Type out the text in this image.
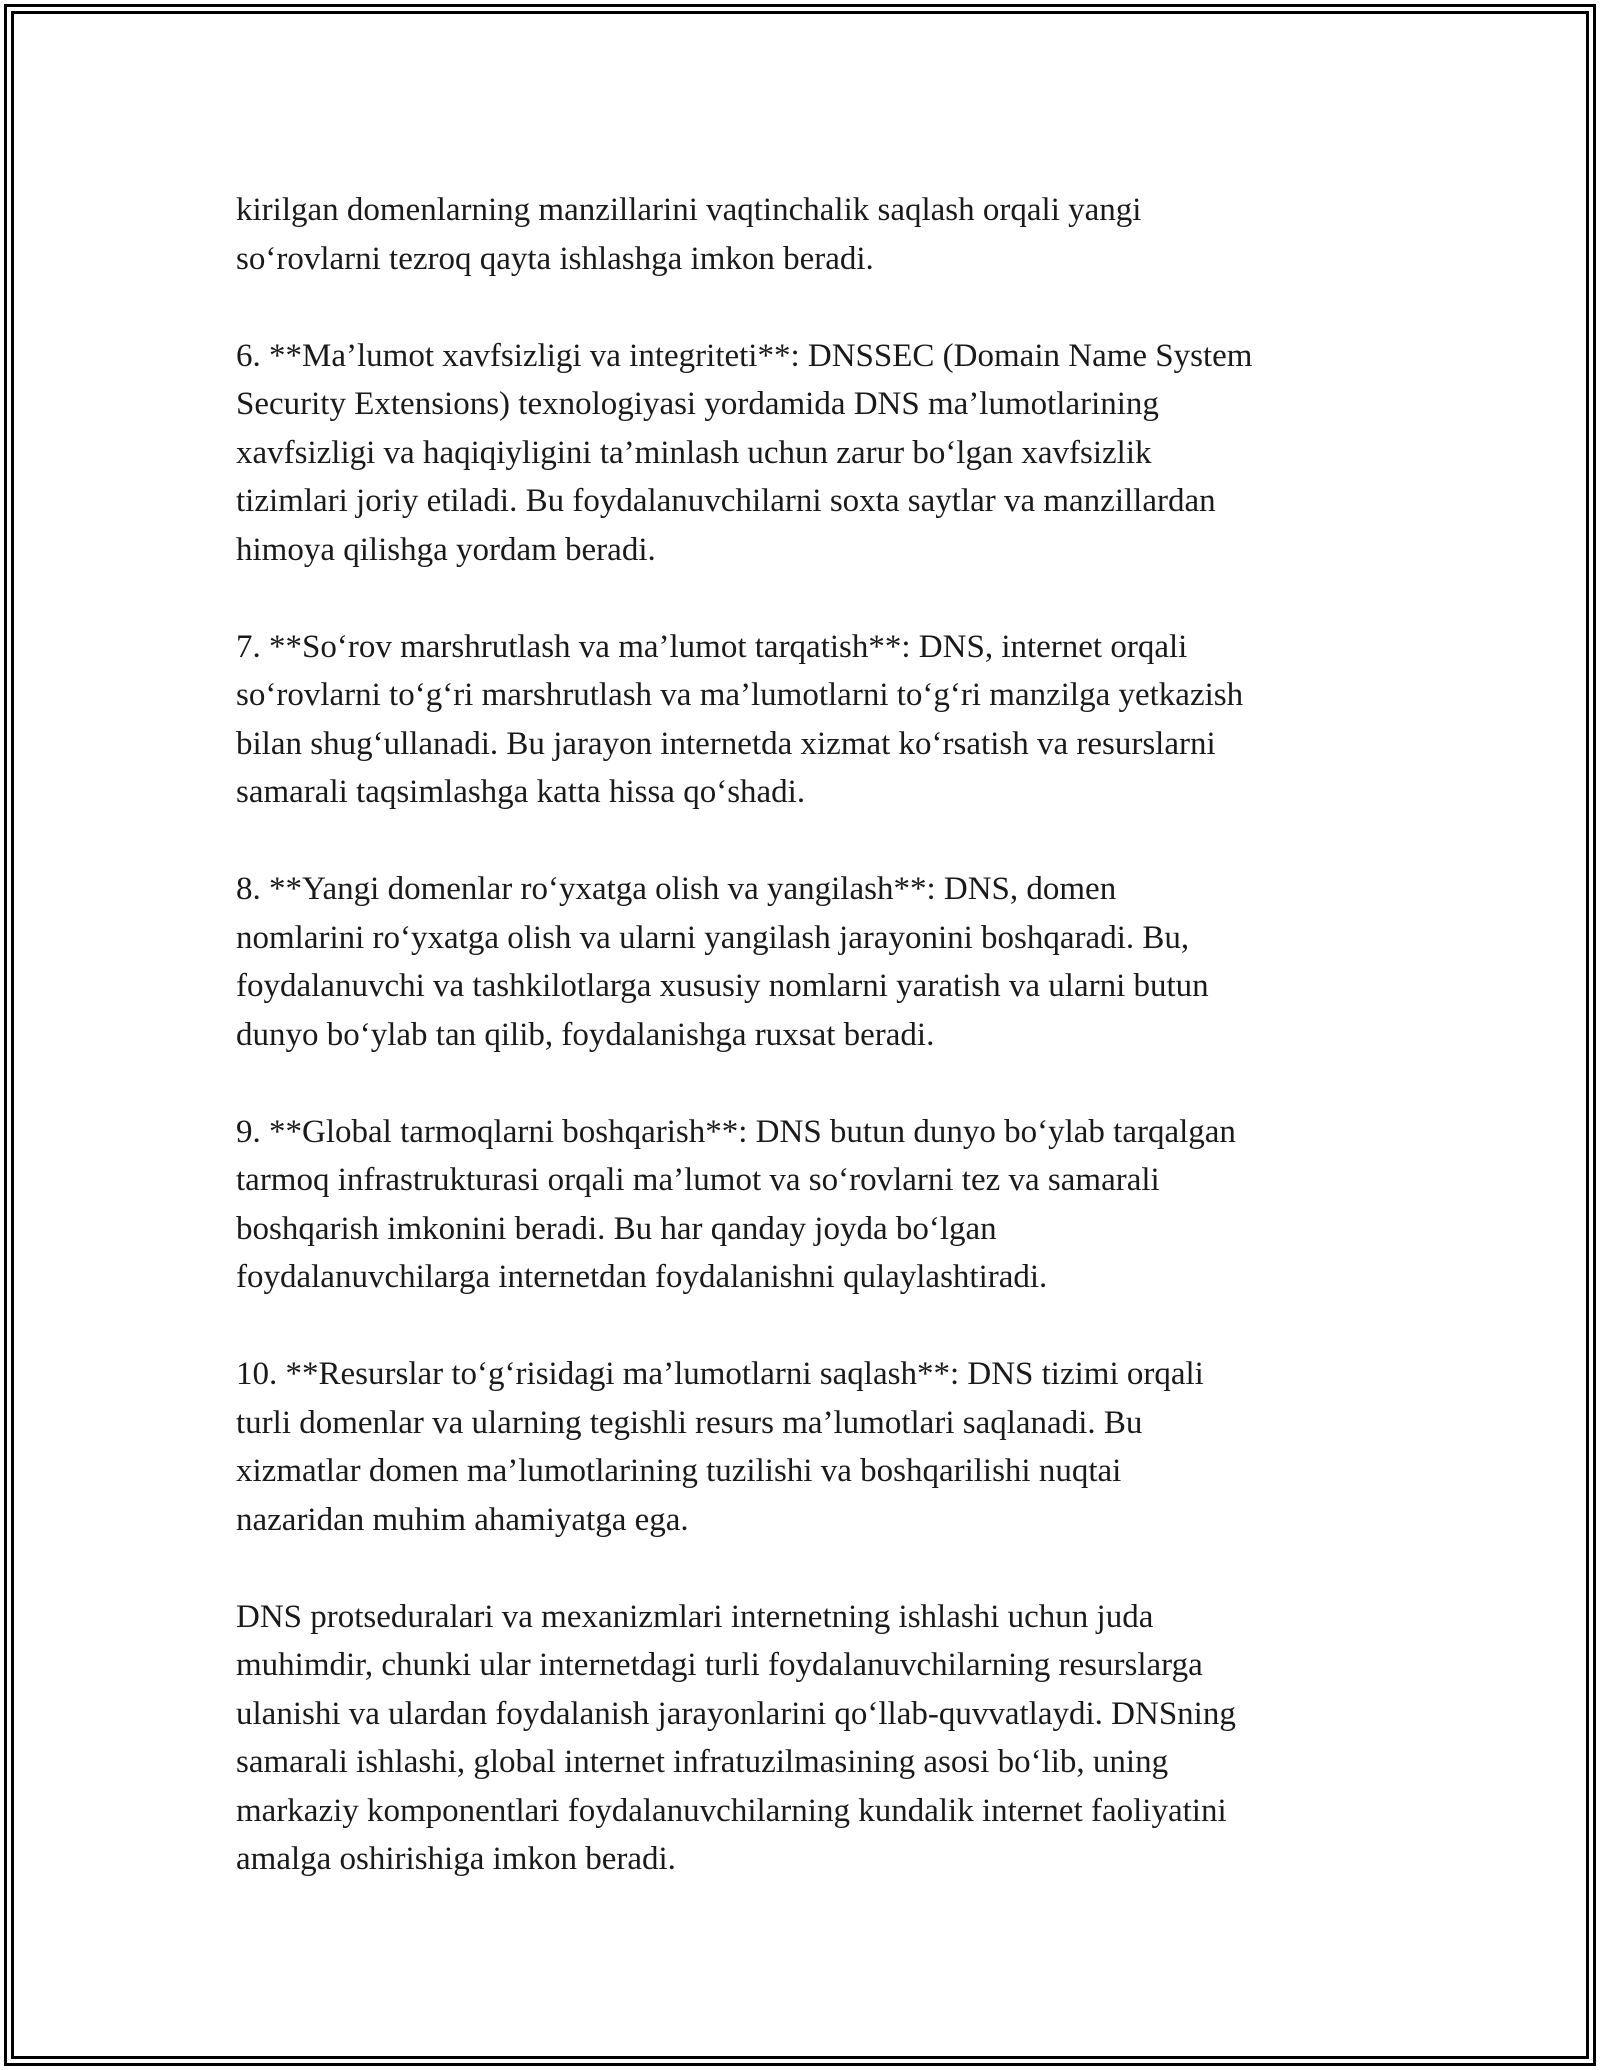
kirilgan domenlarning manzillarini vaqtinchalik saqlash orqali yangi
so‘rovlarni tezroq qayta ishlashga imkon beradi.

6. **Ma’lumot xavfsizligi va integriteti**: DNSSEC (Domain Name System
Security Extensions) texnologiyasi yordamida DNS ma’lumotlarining
xavfsizligi va haqiqiyligini ta’minlash uchun zarur bo‘lgan xavfsizlik
tizimlari joriy etiladi. Bu foydalanuvchilarni soxta saytlar va manzillardan
himoya qilishga yordam beradi.

7. **So‘rov marshrutlash va ma’lumot tarqatish**: DNS, internet orqali
so‘rovlarni to‘g‘ri marshrutlash va ma’lumotlarni to‘g‘ri manzilga yetkazish
bilan shug‘ullanadi. Bu jarayon internetda xizmat ko‘rsatish va resurslarni
samarali taqsimlashga katta hissa qo‘shadi.

8. **Yangi domenlar ro‘yxatga olish va yangilash**: DNS, domen
nomlarini ro‘yxatga olish va ularni yangilash jarayonini boshqaradi. Bu,
foydalanuvchi va tashkilotlarga xususiy nomlarni yaratish va ularni butun
dunyo bo‘ylab tan qilib, foydalanishga ruxsat beradi.

9. **Global tarmoqlarni boshqarish**: DNS butun dunyo bo‘ylab tarqalgan
tarmoq infrastrukturasi orqali ma’lumot va so‘rovlarni tez va samarali
boshqarish imkonini beradi. Bu har qanday joyda bo‘lgan
foydalanuvchilarga internetdan foydalanishni qulaylashtiradi.

10. **Resurslar to‘g‘risidagi ma’lumotlarni saqlash**: DNS tizimi orqali
turli domenlar va ularning tegishli resurs ma’lumotlari saqlanadi. Bu
xizmatlar domen ma’lumotlarining tuzilishi va boshqarilishi nuqtai
nazaridan muhim ahamiyatga ega.

DNS protseduralari va mexanizmlari internetning ishlashi uchun juda
muhimdir, chunki ular internetdagi turli foydalanuvchilarning resurslarga
ulanishi va ulardan foydalanish jarayonlarini qo‘llab-quvvatlaydi. DNSning
samarali ishlashi, global internet infratuzilmasining asosi bo‘lib, uning
markaziy komponentlari foydalanuvchilarning kundalik internet faoliyatini
amalga oshirishiga imkon beradi.
